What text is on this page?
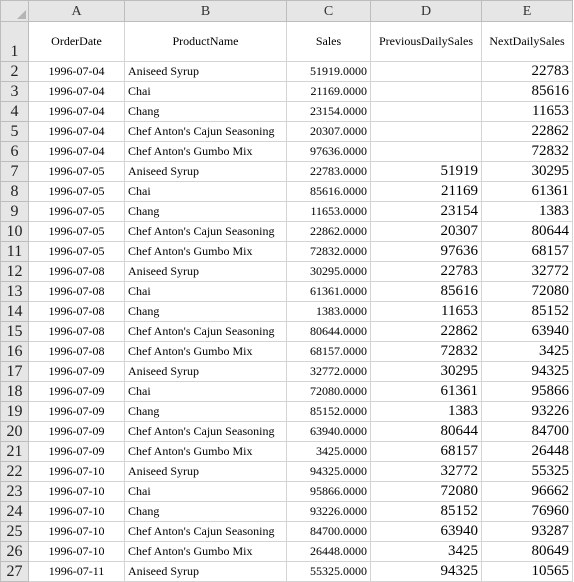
	A	B	C	D	E
1	OrderDate	ProductName	Sales	PreviousDailySales	NextDailySales
2	1996-07-04	Aniseed Syrup	51919.0000		22783
3	1996-07-04	Chai	21169.0000		85616
4	1996-07-04	Chang	23154.0000		11653
5	1996-07-04	Chef Anton's Cajun Seasoning	20307.0000		22862
6	1996-07-04	Chef Anton's Gumbo Mix	97636.0000		72832
7	1996-07-05	Aniseed Syrup	22783.0000	51919	30295
8	1996-07-05	Chai	85616.0000	21169	61361
9	1996-07-05	Chang	11653.0000	23154	1383
10	1996-07-05	Chef Anton's Cajun Seasoning	22862.0000	20307	80644
11	1996-07-05	Chef Anton's Gumbo Mix	72832.0000	97636	68157
12	1996-07-08	Aniseed Syrup	30295.0000	22783	32772
13	1996-07-08	Chai	61361.0000	85616	72080
14	1996-07-08	Chang	1383.0000	11653	85152
15	1996-07-08	Chef Anton's Cajun Seasoning	80644.0000	22862	63940
16	1996-07-08	Chef Anton's Gumbo Mix	68157.0000	72832	3425
17	1996-07-09	Aniseed Syrup	32772.0000	30295	94325
18	1996-07-09	Chai	72080.0000	61361	95866
19	1996-07-09	Chang	85152.0000	1383	93226
20	1996-07-09	Chef Anton's Cajun Seasoning	63940.0000	80644	84700
21	1996-07-09	Chef Anton's Gumbo Mix	3425.0000	68157	26448
22	1996-07-10	Aniseed Syrup	94325.0000	32772	55325
23	1996-07-10	Chai	95866.0000	72080	96662
24	1996-07-10	Chang	93226.0000	85152	76960
25	1996-07-10	Chef Anton's Cajun Seasoning	84700.0000	63940	93287
26	1996-07-10	Chef Anton's Gumbo Mix	26448.0000	3425	80649
27	1996-07-11	Aniseed Syrup	55325.0000	94325	10565
